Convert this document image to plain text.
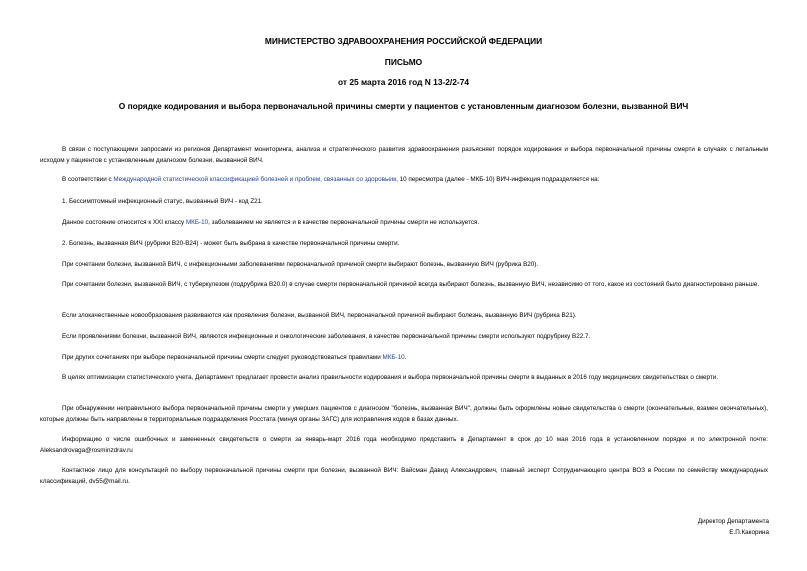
МИНИСТЕРСТВО ЗДРАВООХРАНЕНИЯ РОССИЙСКОЙ ФЕДЕРАЦИИ
ПИСЬМО
от 25 марта 2016 год N 13-2/2-74
О порядке кодирования и выбора первоначальной причины смерти у пациентов с установленным диагнозом болезни, вызванной ВИЧ
В связи с поступающими запросами из регионов Департамент мониторинга, анализа и стратегического развития здравоохранения разъясняет порядок кодирования и выбора первоначальной причины смерти в случаях с летальным исходом у пациентов с установленным диагнозом болезни, вызванной ВИЧ.
В соответствии с Международной статистической классификацией болезней и проблем, связанных со здоровьем, 10 пересмотра (далее - МКБ-10) ВИЧ-инфекция подразделяется на:
1. Бессимптомный инфекционный статус, вызванный ВИЧ - код Z21.
Данное состояние относится к XXI классу МКБ-10, заболеванием не является и в качестве первоначальной причины смерти не используется.
2. Болезнь, вызванная ВИЧ (рубрики В20-В24) - может быть выбрана в качестве первоначальной причины смерти.
При сочетании болезни, вызванной ВИЧ, с инфекционными заболеваниями первоначальной причиной смерти выбирают болезнь, вызванную ВИЧ (рубрика В20).
При сочетании болезни, вызванной ВИЧ, с туберкулезом (подрубрика В20.0) в случае смерти первоначальной причиной всегда выбирают болезнь, вызванную ВИЧ, независимо от того, какое из состояний было диагностировано раньше.
Если злокачественные новообразования развиваются как проявления болезни, вызванной ВИЧ, первоначальной причиной выбирают болезнь, вызванную ВИЧ (рубрика В21).
Если проявлениями болезни, вызванной ВИЧ, являются инфекционные и онкологические заболевания, в качестве первоначальной причины смерти используют подрубрику В22.7.
При других сочетаниях при выборе первоначальной причины смерти следует руководствоваться правилами МКБ-10.
В целях оптимизации статистического учета, Департамент предлагает провести анализ правильности кодирования и выбора первоначальной причины смерти в выданных в 2016 году медицинских свидетельствах о смерти.
При обнаружении неправильного выбора первоначальной причины смерти у умерших пациентов с диагнозом "болезнь, вызванная ВИЧ", должны быть оформлены новые свидетельства о смерти (окончательные, взамен окончательных), которые должны быть направлены в территориальные подразделения Росстата (минуя органы ЗАГС) для исправления кодов в базах данных.
Информацию о числе ошибочных и замененных свидетельств о смерти за январь-март 2016 года необходимо представить в Департамент в срок до 10 мая 2016 года в установленном порядке и по электронной почте: Aleksandrovaga@rosminzdrav.ru
Контактное лицо для консультаций по выбору первоначальной причины смерти при болезни, вызванной ВИЧ: Вайсман Давид Александрович, главный эксперт Сотрудничающего центра ВОЗ в России по семейству международных классификаций, dv55@mail.ru.
Директор Департамента
Е.П.Какорина
